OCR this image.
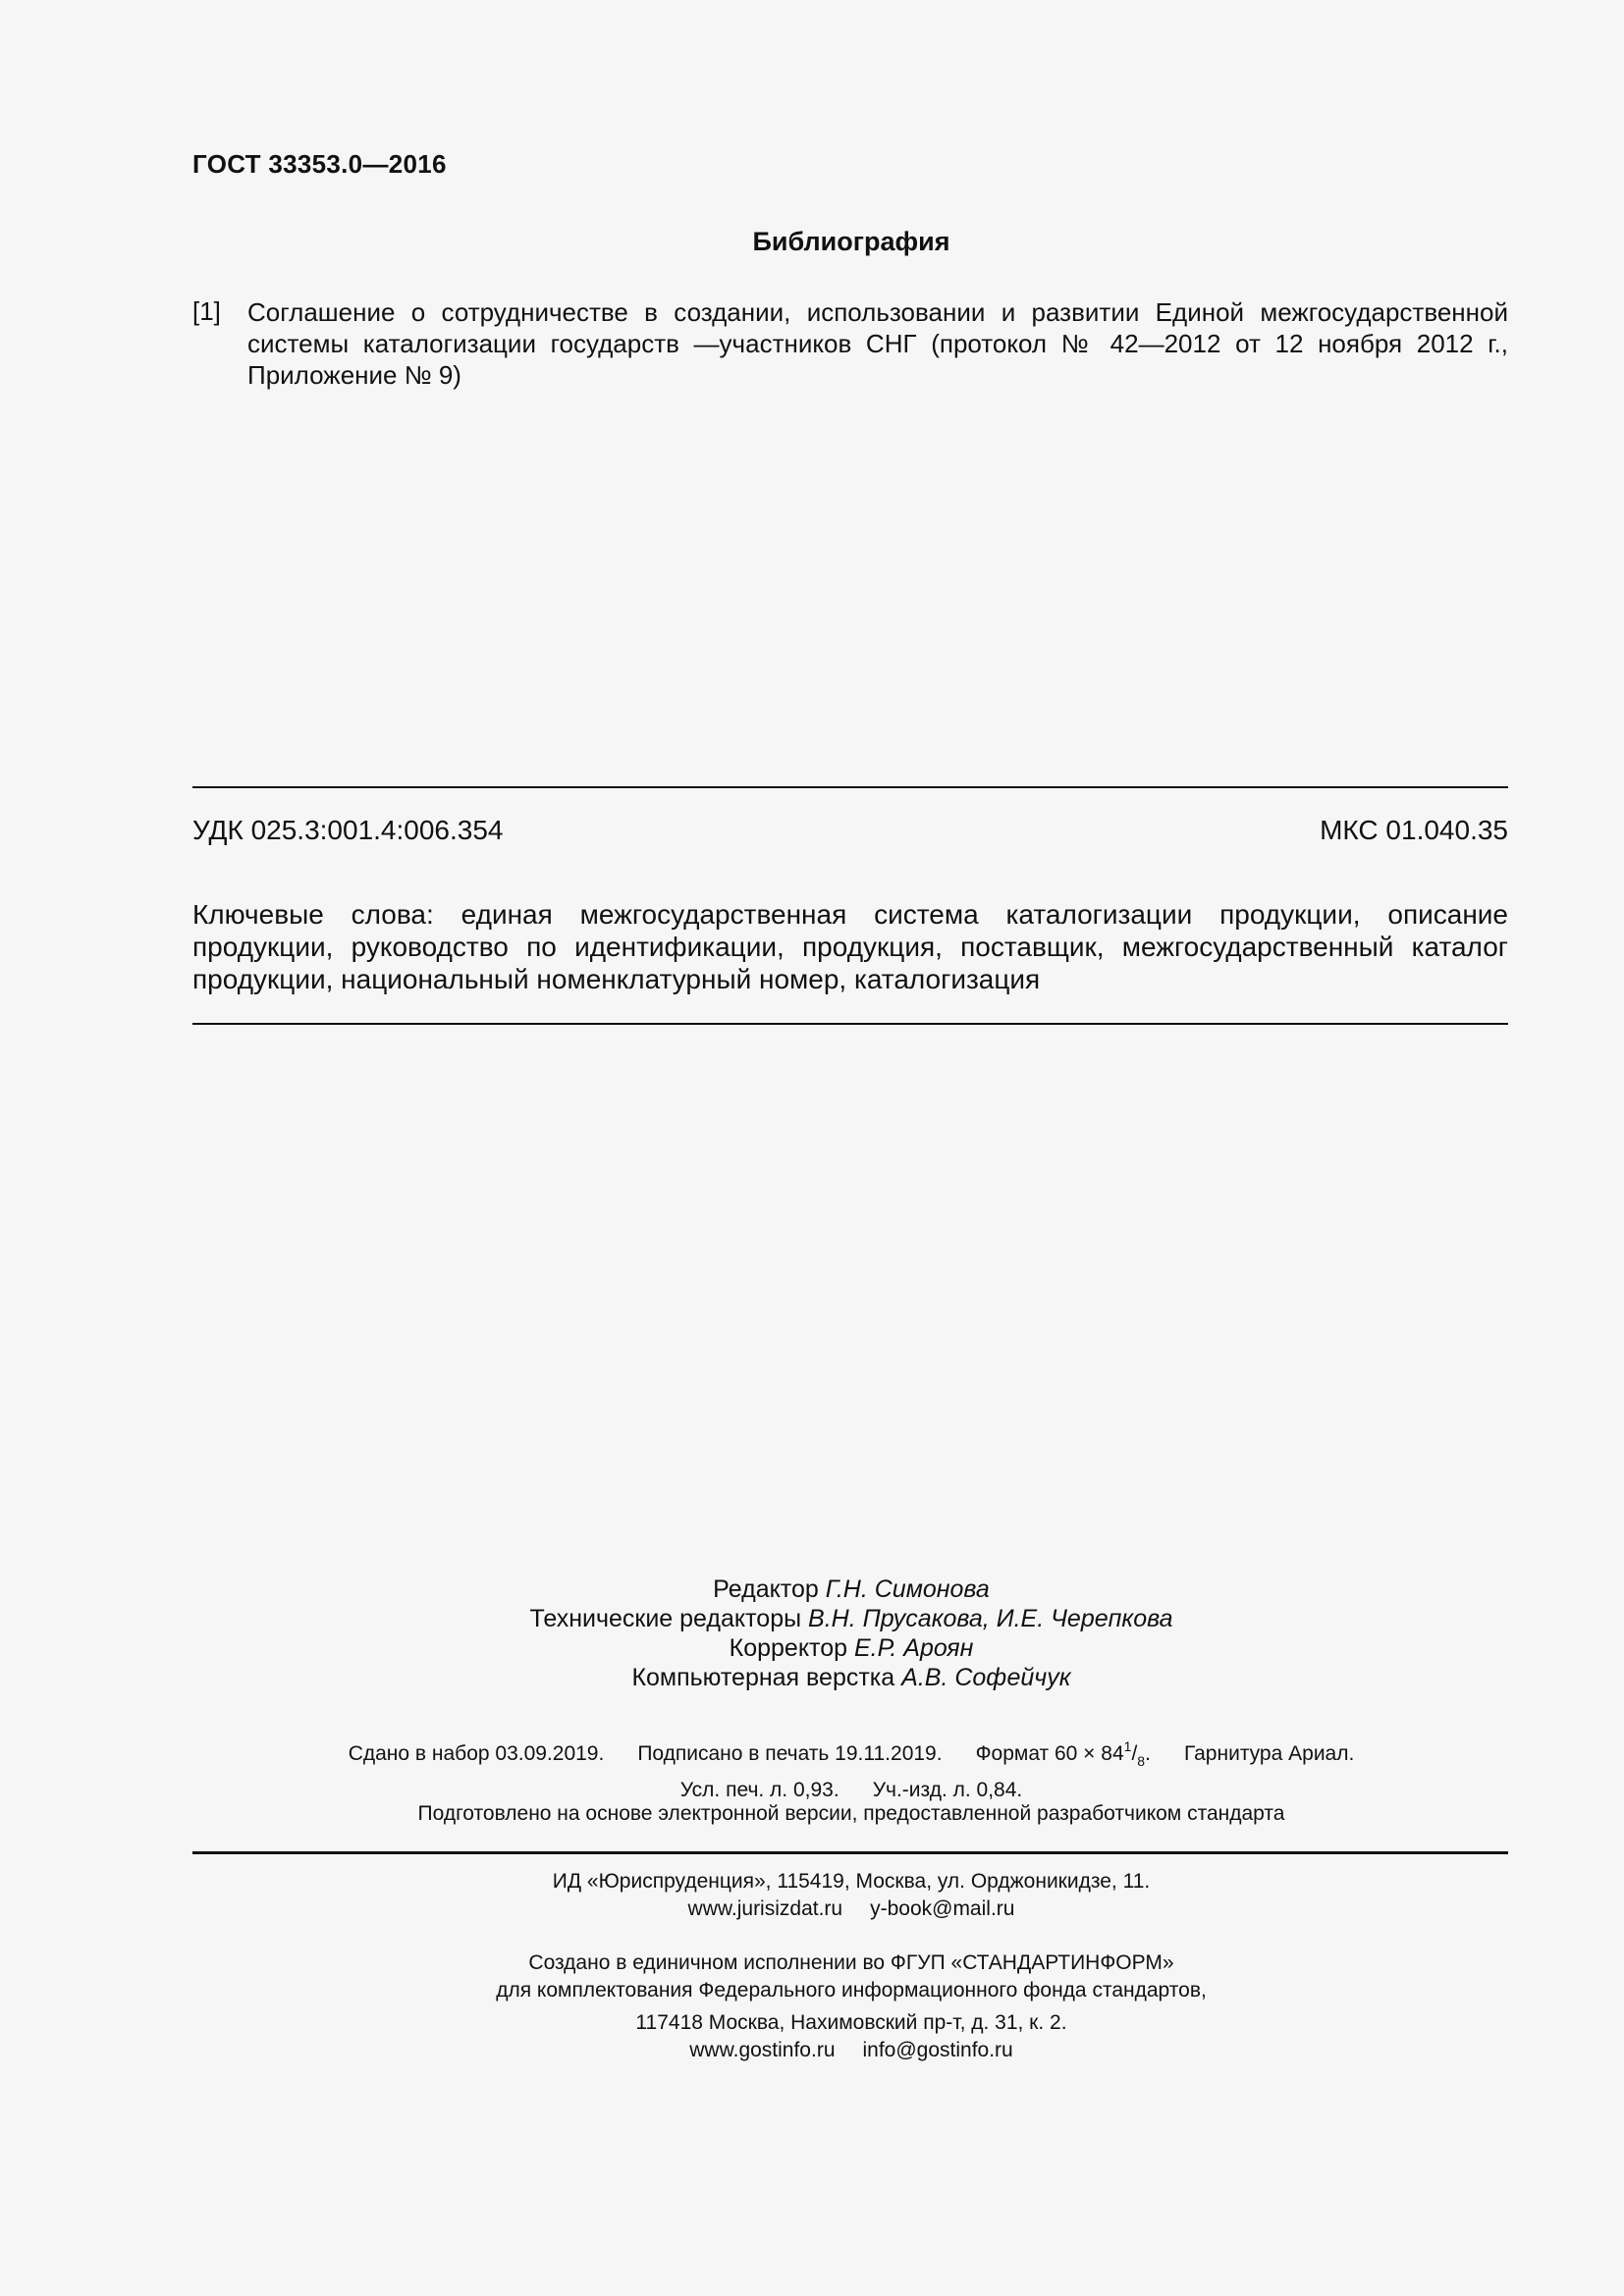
ГОСТ 33353.0—2016
Библиография
[1] Соглашение о сотрудничестве в создании, использовании и развитии Единой межгосударственной системы каталогизации государств —участников СНГ (протокол № 42—2012 от 12 ноября 2012 г., Приложение № 9)
УДК 025.3:001.4:006.354	МКС 01.040.35
Ключевые слова: единая межгосударственная система каталогизации продукции, описание продукции, руководство по идентификации, продукция, поставщик, межгосударственный каталог продукции, национальный номенклатурный номер, каталогизация
Редактор Г.Н. Симонова
Технические редакторы В.Н. Прусакова, И.Е. Черепкова
Корректор Е.Р. Ароян
Компьютерная верстка А.В. Софейчук
Сдано в набор 03.09.2019. Подписано в печать 19.11.2019. Формат $60 \times 84^1/_8$. Гарнитура Ариал.
Усл. печ. л. 0,93. Уч.-изд. л. 0,84.
Подготовлено на основе электронной версии, предоставленной разработчиком стандарта
ИД «Юриспруденция», 115419, Москва, ул. Орджоникидзе, 11.
www.jurisizdat.ru y-book@mail.ru
Создано в единичном исполнении во ФГУП «СТАНДАРТИНФОРМ»
для комплектования Федерального информационного фонда стандартов,
117418 Москва, Нахимовский пр-т, д. 31, к. 2.
www.gostinfo.ru info@gostinfo.ru
